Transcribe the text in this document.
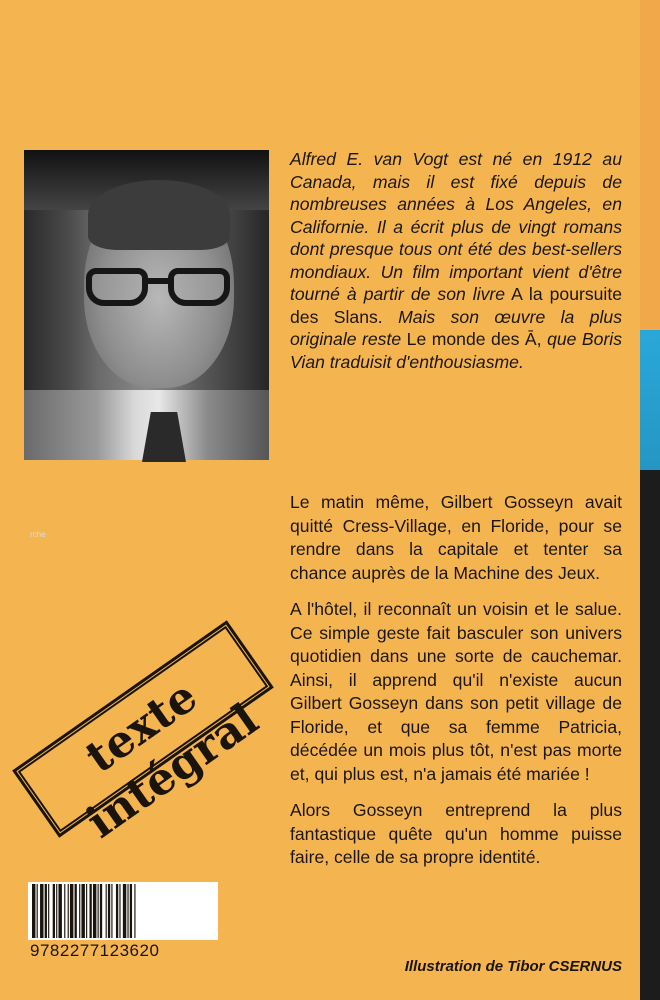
rche
Alfred E. van Vogt est né en 1912 au Canada, mais il est fixé depuis de nombreuses années à Los Angeles, en Californie. Il a écrit plus de vingt romans dont presque tous ont été des best-sellers mondiaux. Un film important vient d'être tourné à partir de son livre A la poursuite des Slans. Mais son œuvre la plus originale reste Le monde des Ā, que Boris Vian traduisit d'enthousiasme.

Le matin même, Gilbert Gosseyn avait quitté Cress-Village, en Floride, pour se rendre dans la capitale et tenter sa chance auprès de la Machine des Jeux.

A l'hôtel, il reconnaît un voisin et le salue. Ce simple geste fait basculer son univers quotidien dans une sorte de cauchemar. Ainsi, il apprend qu'il n'existe aucun Gilbert Gosseyn dans son petit village de Floride, et que sa femme Patricia, décédée un mois plus tôt, n'est pas morte et, qui plus est, n'a jamais été mariée !

Alors Gosseyn entreprend la plus fantastique quête qu'un homme puisse faire, celle de sa propre identité.

texte intégral
9782277123620
Illustration de Tibor CSERNUS
